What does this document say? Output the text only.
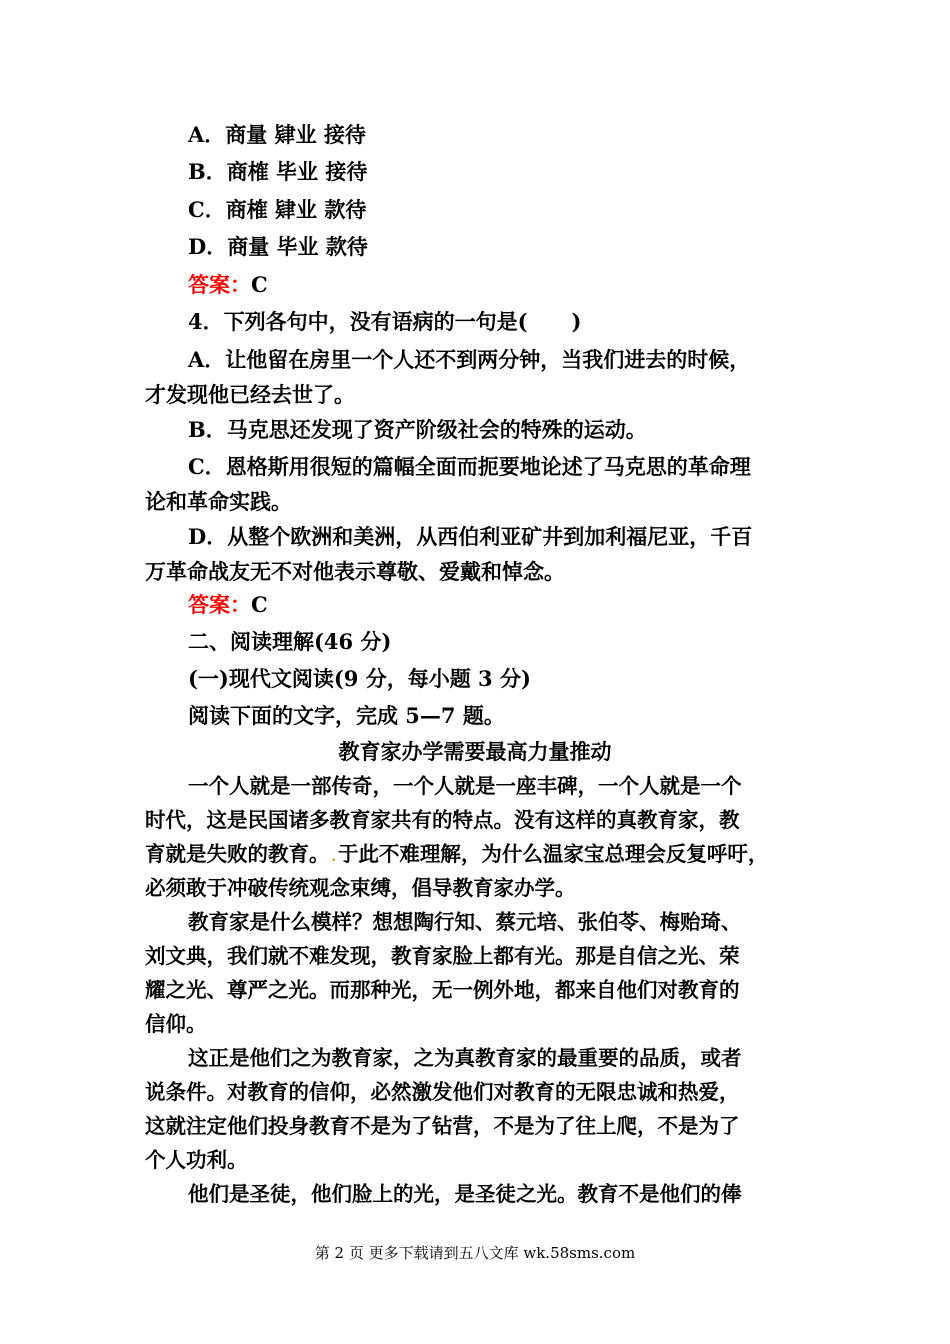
A．商量 肄业 接待
B．商榷 毕业 接待
C．商榷 肄业 款待
D．商量 毕业 款待
答案：C
4．下列各句中，没有语病的一句是( )
A．让他留在房里一个人还不到两分钟，当我们进去的时候，
才发现他已经去世了。
B．马克思还发现了资产阶级社会的特殊的运动。
C．恩格斯用很短的篇幅全面而扼要地论述了马克思的革命理
论和革命实践。
D．从整个欧洲和美洲，从西伯利亚矿井到加利福尼亚，千百
万革命战友无不对他表示尊敬、爱戴和悼念。
答案：C
二、阅读理解(46 分)
(一)现代文阅读(9 分，每小题 3 分)
阅读下面的文字，完成 5—7 题。
教育家办学需要最高力量推动
一个人就是一部传奇，一个人就是一座丰碑，一个人就是一个
时代，这是民国诸多教育家共有的特点。没有这样的真教育家，教
育就是失败的教育。.于此不难理解，为什么温家宝总理会反复呼吁，
必须敢于冲破传统观念束缚，倡导教育家办学。
教育家是什么模样？想想陶行知、蔡元培、张伯苓、梅贻琦、
刘文典，我们就不难发现，教育家脸上都有光。那是自信之光、荣
耀之光、尊严之光。而那种光，无一例外地，都来自他们对教育的
信仰。
这正是他们之为教育家，之为真教育家的最重要的品质，或者
说条件。对教育的信仰，必然激发他们对教育的无限忠诚和热爱，
这就注定他们投身教育不是为了钻营，不是为了往上爬，不是为了
个人功利。
他们是圣徒，他们脸上的光，是圣徒之光。教育不是他们的俸
第 2 页 更多下载请到五八文库 wk.58sms.com
